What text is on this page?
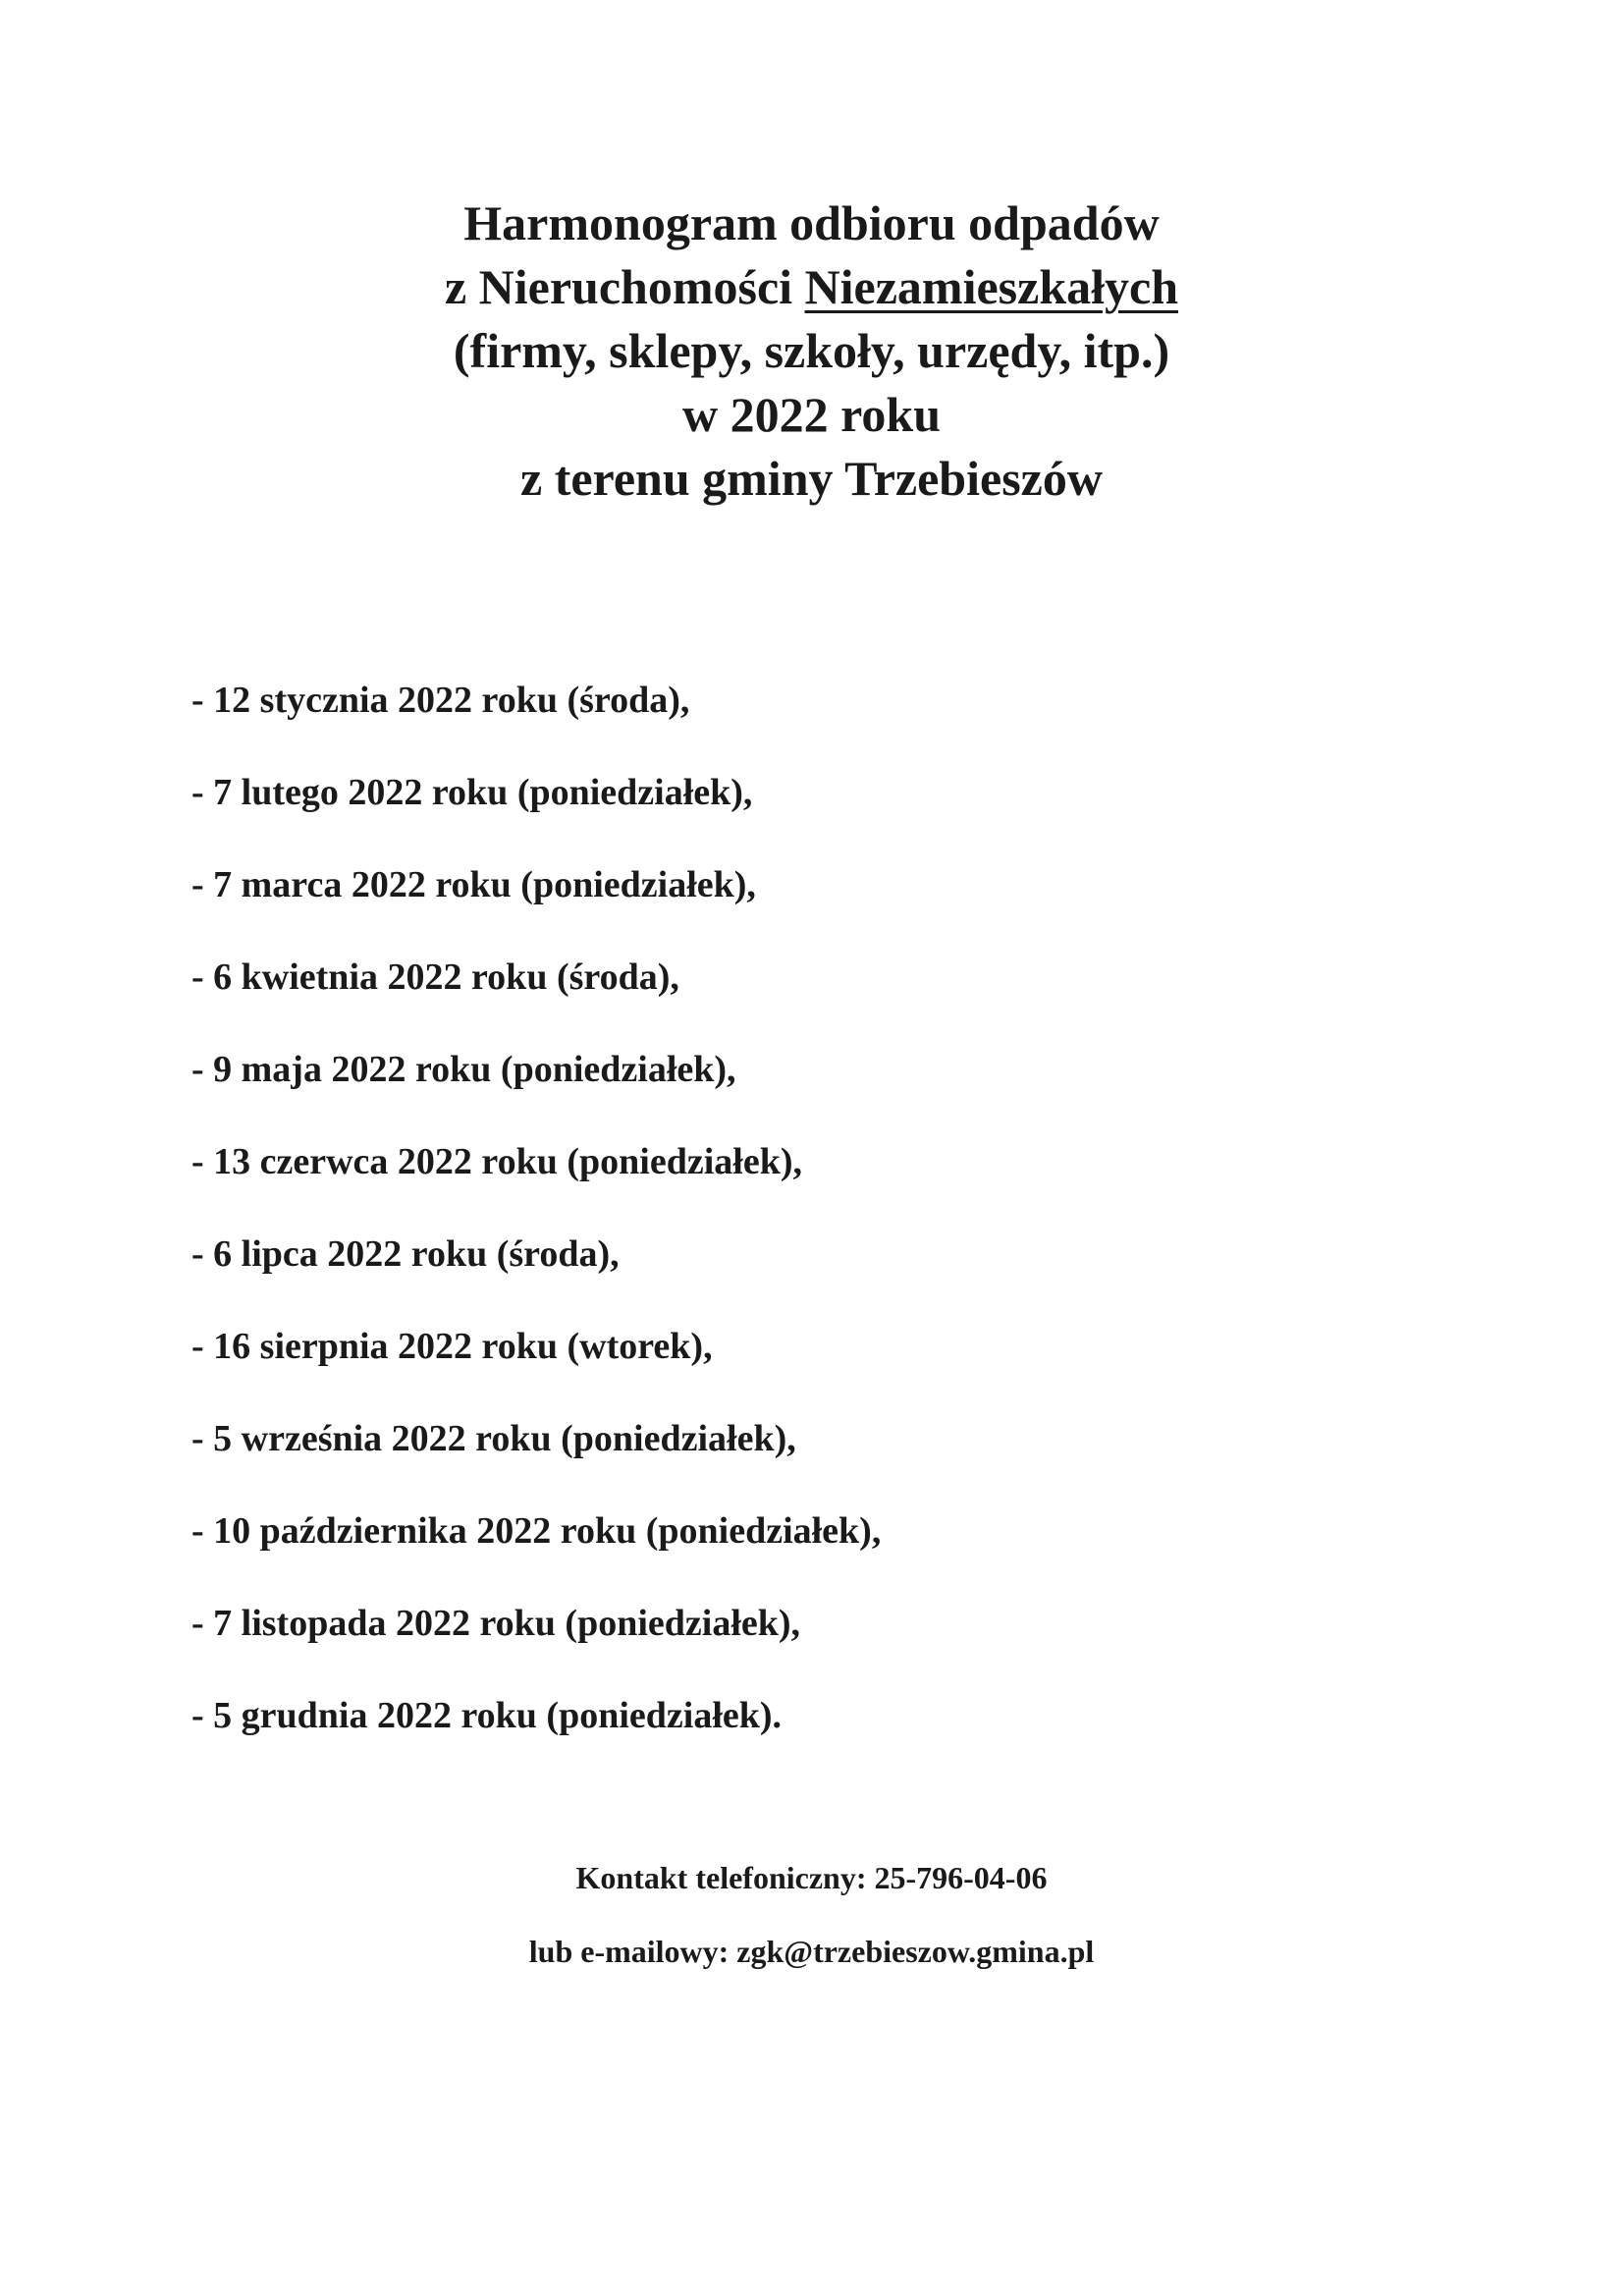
Harmonogram odbioru odpadów
z Nieruchomości Niezamieszkałych
(firmy, sklepy, szkoły, urzędy, itp.)
w 2022 roku
z terenu gminy Trzebieszów
- 12 stycznia 2022 roku (środa),
- 7 lutego 2022 roku (poniedziałek),
- 7 marca 2022 roku (poniedziałek),
- 6 kwietnia 2022 roku (środa),
- 9 maja 2022 roku (poniedziałek),
- 13 czerwca 2022 roku (poniedziałek),
- 6 lipca 2022 roku (środa),
- 16 sierpnia 2022 roku (wtorek),
- 5 września 2022 roku (poniedziałek),
- 10 października 2022 roku (poniedziałek),
- 7 listopada 2022 roku (poniedziałek),
- 5 grudnia 2022 roku (poniedziałek).
Kontakt telefoniczny: 25-796-04-06
lub e-mailowy: zgk@trzebieszow.gmina.pl
